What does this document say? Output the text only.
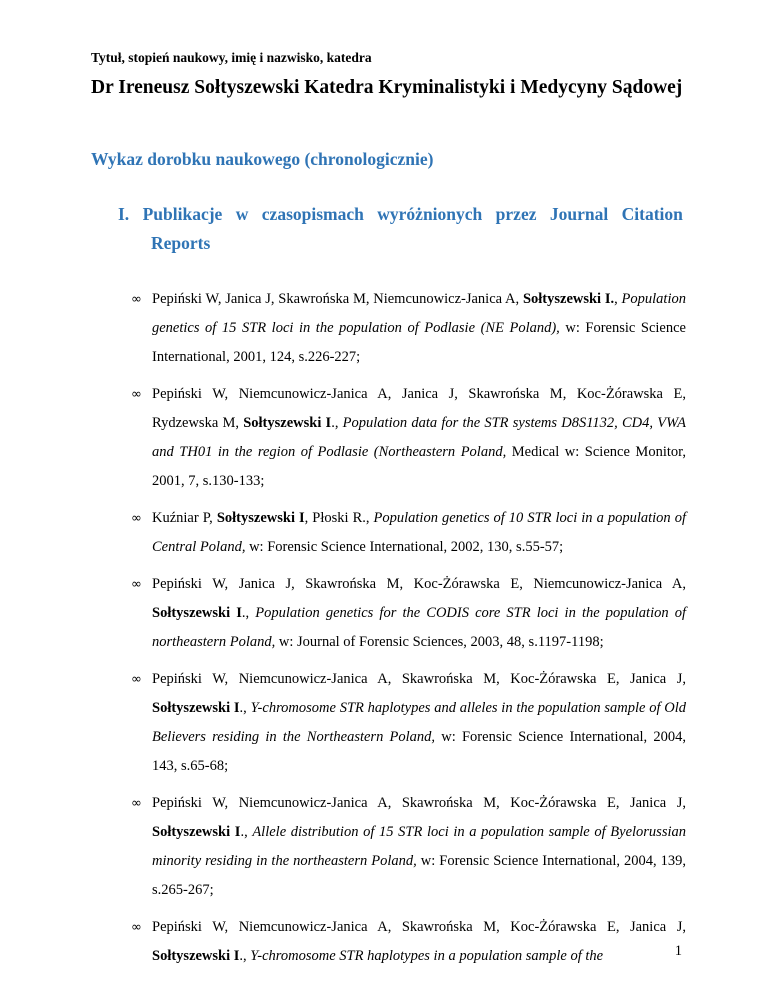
Tytuł, stopień naukowy, imię i nazwisko, katedra
Dr Ireneusz Sołtyszewski Katedra Kryminalistyki i Medycyny Sądowej
Wykaz dorobku naukowego (chronologicznie)
I. Publikacje w czasopismach wyróżnionych przez Journal Citation
Reports
∞ Pepiński W, Janica J, Skawrońska M, Niemcunowicz-Janica A, Sołtyszewski I., Population genetics of 15 STR loci in the population of Podlasie (NE Poland), w: Forensic Science International, 2001, 124, s.226-227;
∞ Pepiński W, Niemcunowicz-Janica A, Janica J, Skawrońska M, Koc-Żórawska E, Rydzewska M, Sołtyszewski I., Population data for the STR systems D8S1132, CD4, VWA and TH01 in the region of Podlasie (Northeastern Poland, Medical w: Science Monitor, 2001, 7, s.130-133;
∞ Kuźniar P, Sołtyszewski I, Płoski R., Population genetics of 10 STR loci in a population of Central Poland, w: Forensic Science International, 2002, 130, s.55-57;
∞ Pepiński W, Janica J, Skawrońska M, Koc-Żórawska E, Niemcunowicz-Janica A, Sołtyszewski I., Population genetics for the CODIS core STR loci in the population of northeastern Poland, w: Journal of Forensic Sciences, 2003, 48, s.1197-1198;
∞ Pepiński W, Niemcunowicz-Janica A, Skawrońska M, Koc-Żórawska E, Janica J, Sołtyszewski I., Y-chromosome STR haplotypes and alleles in the population sample of Old Believers residing in the Northeastern Poland, w: Forensic Science International, 2004, 143, s.65-68;
∞ Pepiński W, Niemcunowicz-Janica A, Skawrońska M, Koc-Żórawska E, Janica J, Sołtyszewski I., Allele distribution of 15 STR loci in a population sample of Byelorussian minority residing in the northeastern Poland, w: Forensic Science International, 2004, 139, s.265-267;
∞ Pepiński W, Niemcunowicz-Janica A, Skawrońska M, Koc-Żórawska E, Janica J, Sołtyszewski I., Y-chromosome STR haplotypes in a population sample of the	1
